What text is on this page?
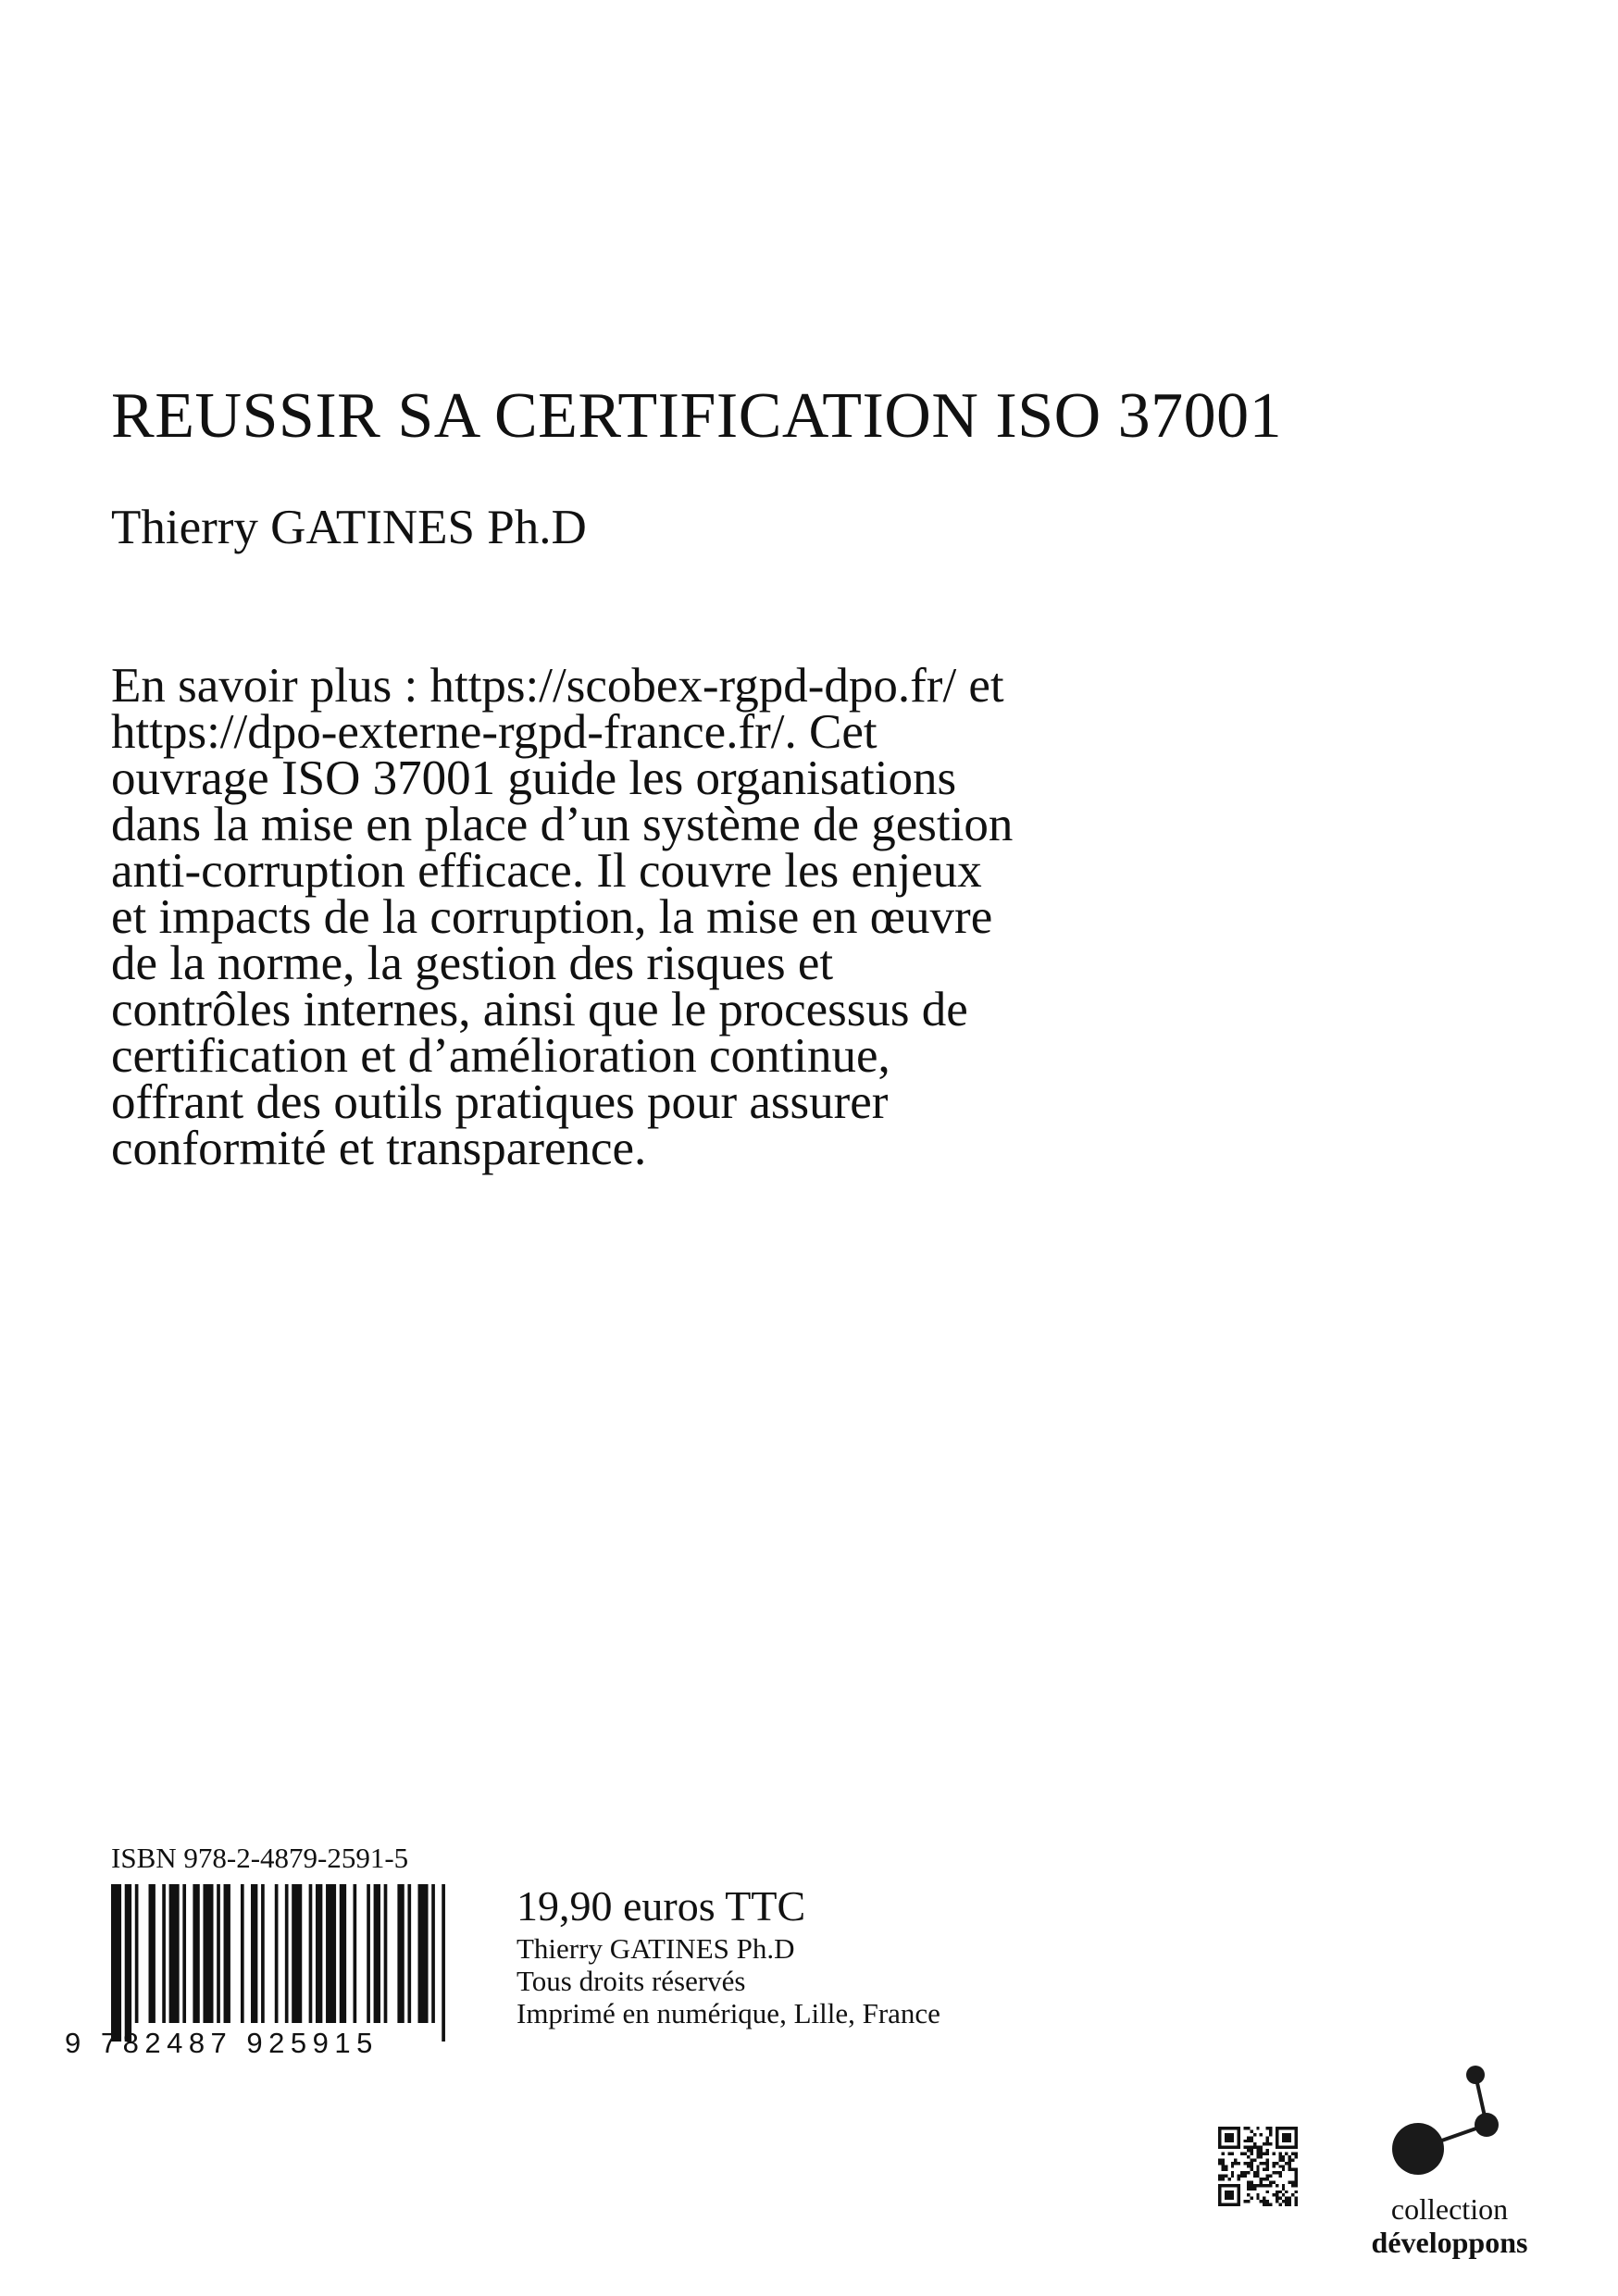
REUSSIR SA CERTIFICATION ISO 37001
Thierry GATINES Ph.D

En savoir plus : https://scobex-rgpd-dpo.fr/ et
https://dpo-externe-rgpd-france.fr/. Cet
ouvrage ISO 37001 guide les organisations
dans la mise en place d’un système de gestion
anti-corruption efficace. Il couvre les enjeux
et impacts de la corruption, la mise en œuvre
de la norme, la gestion des risques et
contrôles internes, ainsi que le processus de
certification et d’amélioration continue,
offrant des outils pratiques pour assurer
conformité et transparence.

ISBN 978-2-4879-2591-5
9 782487 925915
19,90 euros TTC
Thierry GATINES Ph.D
Tous droits réservés
Imprimé en numérique, Lille, France
collection
développons
